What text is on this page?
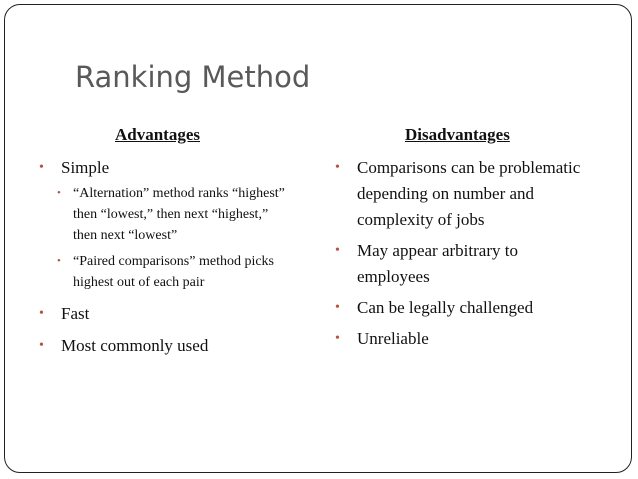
Ranking Method
Advantages	Disadvantages
• Simple
• “Alternation” method ranks “highest” then “lowest,” then next “highest,” then next “lowest”
• “Paired comparisons” method picks highest out of each pair
• Fast
• Most commonly used
• Comparisons can be problematic depending on number and complexity of jobs
• May appear arbitrary to employees
• Can be legally challenged
• Unreliable
